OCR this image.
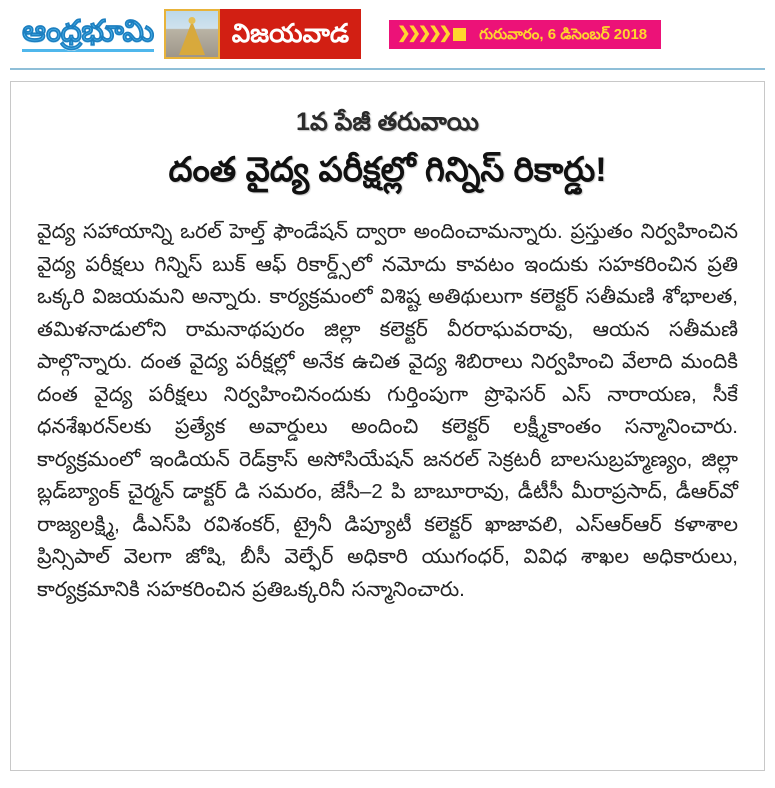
ఆంధ్రభూమి	విజయవాడ	❯❯❯❯❯ గురువారం, 6 డిసెంబర్ 2018
1వ పేజీ తరువాయి
దంత వైద్య పరీక్షల్లో గిన్నిస్ రికార్డు!

వైద్య సహాయాన్ని ఒరల్ హెల్త్ ఫౌండేషన్ ద్వారా అందించామన్నారు. ప్రస్తుతం నిర్వహించిన వైద్య పరీక్షలు గిన్నిస్ బుక్ ఆఫ్ రికార్డ్స్‌లో నమోదు కావటం ఇందుకు సహకరించిన ప్రతి ఒక్కరి విజయమని అన్నారు. కార్యక్రమంలో విశిష్ట అతిథులుగా కలెక్టర్ సతీమణి శోభాలత, తమిళనాడులోని రామనాథపురం జిల్లా కలెక్టర్ వీరరాఘవరావు, ఆయన సతీమణి పాల్గొన్నారు. దంత వైద్య పరీక్షల్లో అనేక ఉచిత వైద్య శిబిరాలు నిర్వహించి వేలాది మందికి దంత వైద్య పరీక్షలు నిర్వహించినందుకు గుర్తింపుగా ప్రొఫెసర్ ఎస్ నారాయణ, సీకే ధనశేఖరన్‌లకు ప్రత్యేక అవార్డులు అందించి కలెక్టర్ లక్ష్మీకాంతం సన్మానించారు. కార్యక్రమంలో ఇండియన్ రెడ్‌క్రాస్ అసోసియేషన్ జనరల్ సెక్రటరీ బాలసుబ్రహ్మణ్యం, జిల్లా బ్లడ్‌బ్యాంక్ చైర్మన్ డాక్టర్ డి సమరం, జేసీ–2 పి బాబూరావు, డీటీసీ మీరాప్రసాద్, డీఆర్‌వో రాజ్యలక్ష్మి, డీఎస్‌పి రవిశంకర్, ట్రైనీ డిప్యూటీ కలెక్టర్ ఖాజావలి, ఎస్‌ఆర్‌ఆర్ కళాశాల ప్రిన్సిపాల్ వెలగా జోషి, బీసీ వెల్ఫేర్ అధికారి యుగంధర్, వివిధ శాఖల అధికారులు, కార్యక్రమానికి సహకరించిన ప్రతిఒక్కరినీ సన్మానించారు.
